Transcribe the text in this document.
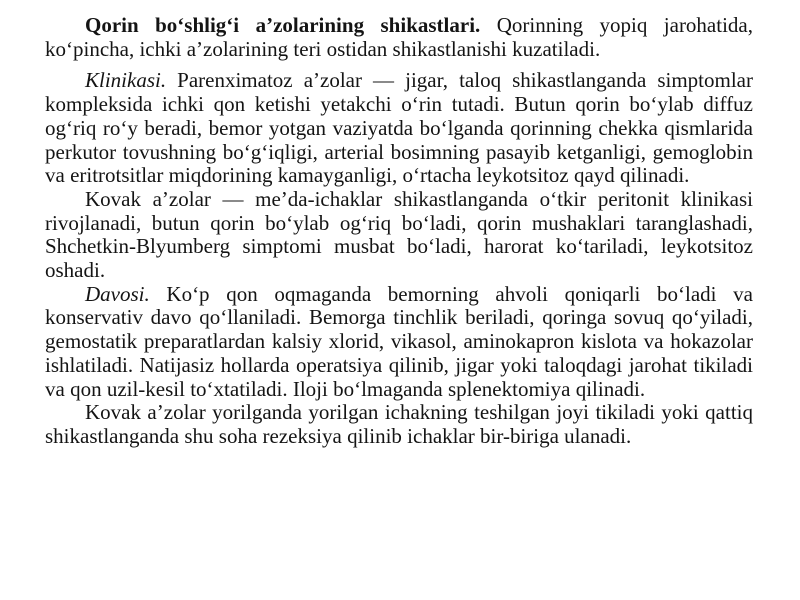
Qorin bo‘shlig‘i a’zolarining shikastlari. Qorinning yopiq jarohatida, ko‘pincha, ichki a’zolarining teri ostidan shikastlanishi kuzatiladi.

Klinikasi. Parenximatoz a’zolar — jigar, taloq shikastlanganda simptomlar kompleksida ichki qon ketishi yetakchi o‘rin tutadi. Butun qorin bo‘ylab diffuz og‘riq ro‘y beradi, bemor yotgan vaziyatda bo‘lganda qorinning chekka qismlarida perkutor tovushning bo‘g‘iqligi, arterial bosimning pasayib ketganligi, gemoglobin va eritrotsitlar miqdorining kamayganligi, o‘rtacha leykotsitoz qayd qilinadi.

Kovak a’zolar — me’da-ichaklar shikastlanganda o‘tkir peritonit klinikasi rivojlanadi, butun qorin bo‘ylab og‘riq bo‘ladi, qorin mushaklari taranglashadi, Shchetkin-Blyumberg simptomi musbat bo‘ladi, harorat ko‘tariladi, leykotsitoz oshadi.

Davosi. Ko‘p qon oqmaganda bemorning ahvoli qoniqarli bo‘ladi va konservativ davo qo‘llaniladi. Bemorga tinchlik beriladi, qoringa sovuq qo‘yiladi, gemostatik preparatlardan kalsiy xlorid, vikasol, aminokapron kislota va hokazolar ishlatiladi. Natijasiz hollarda operatsiya qilinib, jigar yoki taloqdagi jarohat tikiladi va qon uzil-kesil to‘xtatiladi. Iloji bo‘lmaganda splenektomiya qilinadi.

Kovak a’zolar yorilganda yorilgan ichakning teshilgan joyi tikiladi yoki qattiq shikastlanganda shu soha rezeksiya qilinib ichaklar bir-biriga ulanadi.
